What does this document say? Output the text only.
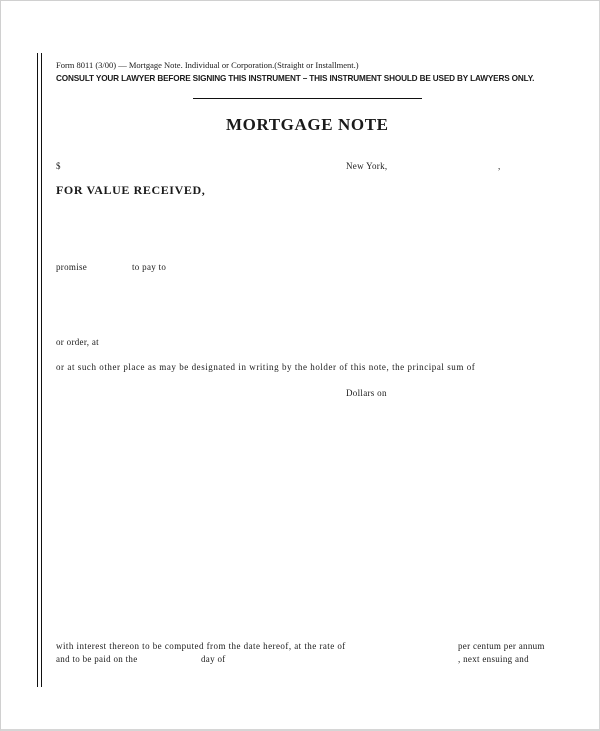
Form 8011 (3/00) — Mortgage Note. Individual or Corporation.(Straight or Installment.)
CONSULT YOUR LAWYER BEFORE SIGNING THIS INSTRUMENT – THIS INSTRUMENT SHOULD BE USED BY LAWYERS ONLY.
MORTGAGE NOTE
$	New York,	,
FOR VALUE RECEIVED,
promise	to pay to
or order, at
or at such other place as may be designated in writing by the holder of this note, the principal sum of
Dollars on
with interest thereon to be computed from the date hereof, at the rate of	per centum per annum
and to be paid on the	day of	, next ensuing and
